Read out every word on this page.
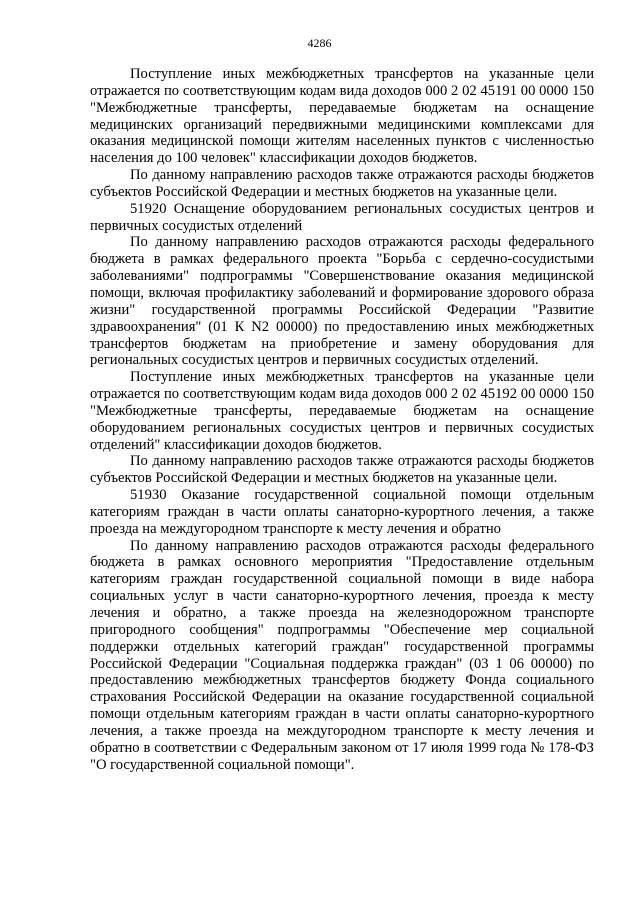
4286

Поступление иных межбюджетных трансфертов на указанные цели отражается по соответствующим кодам вида доходов 000 2 02 45191 00 0000 150 "Межбюджетные трансферты, передаваемые бюджетам на оснащение медицинских организаций передвижными медицинскими комплексами для оказания медицинской помощи жителям населенных пунктов с численностью населения до 100 человек" классификации доходов бюджетов.

По данному направлению расходов также отражаются расходы бюджетов субъектов Российской Федерации и местных бюджетов на указанные цели.

51920 Оснащение оборудованием региональных сосудистых центров и первичных сосудистых отделений

По данному направлению расходов отражаются расходы федерального бюджета в рамках федерального проекта "Борьба с сердечно-сосудистыми заболеваниями" подпрограммы "Совершенствование оказания медицинской помощи, включая профилактику заболеваний и формирование здорового образа жизни" государственной программы Российской Федерации "Развитие здравоохранения" (01 К N2 00000) по предоставлению иных межбюджетных трансфертов бюджетам на приобретение и замену оборудования для региональных сосудистых центров и первичных сосудистых отделений.

Поступление иных межбюджетных трансфертов на указанные цели отражается по соответствующим кодам вида доходов 000 2 02 45192 00 0000 150 "Межбюджетные трансферты, передаваемые бюджетам на оснащение оборудованием региональных сосудистых центров и первичных сосудистых отделений" классификации доходов бюджетов.

По данному направлению расходов также отражаются расходы бюджетов субъектов Российской Федерации и местных бюджетов на указанные цели.

51930 Оказание государственной социальной помощи отдельным категориям граждан в части оплаты санаторно-курортного лечения, а также проезда на междугородном транспорте к месту лечения и обратно

По данному направлению расходов отражаются расходы федерального бюджета в рамках основного мероприятия "Предоставление отдельным категориям граждан государственной социальной помощи в виде набора социальных услуг в части санаторно-курортного лечения, проезда к месту лечения и обратно, а также проезда на железнодорожном транспорте пригородного сообщения" подпрограммы "Обеспечение мер социальной поддержки отдельных категорий граждан" государственной программы Российской Федерации "Социальная поддержка граждан" (03 1 06 00000) по предоставлению межбюджетных трансфертов бюджету Фонда социального страхования Российской Федерации на оказание государственной социальной помощи отдельным категориям граждан в части оплаты санаторно-курортного лечения, а также проезда на междугородном транспорте к месту лечения и обратно в соответствии с Федеральным законом от 17 июля 1999 года № 178-ФЗ "О государственной социальной помощи".
